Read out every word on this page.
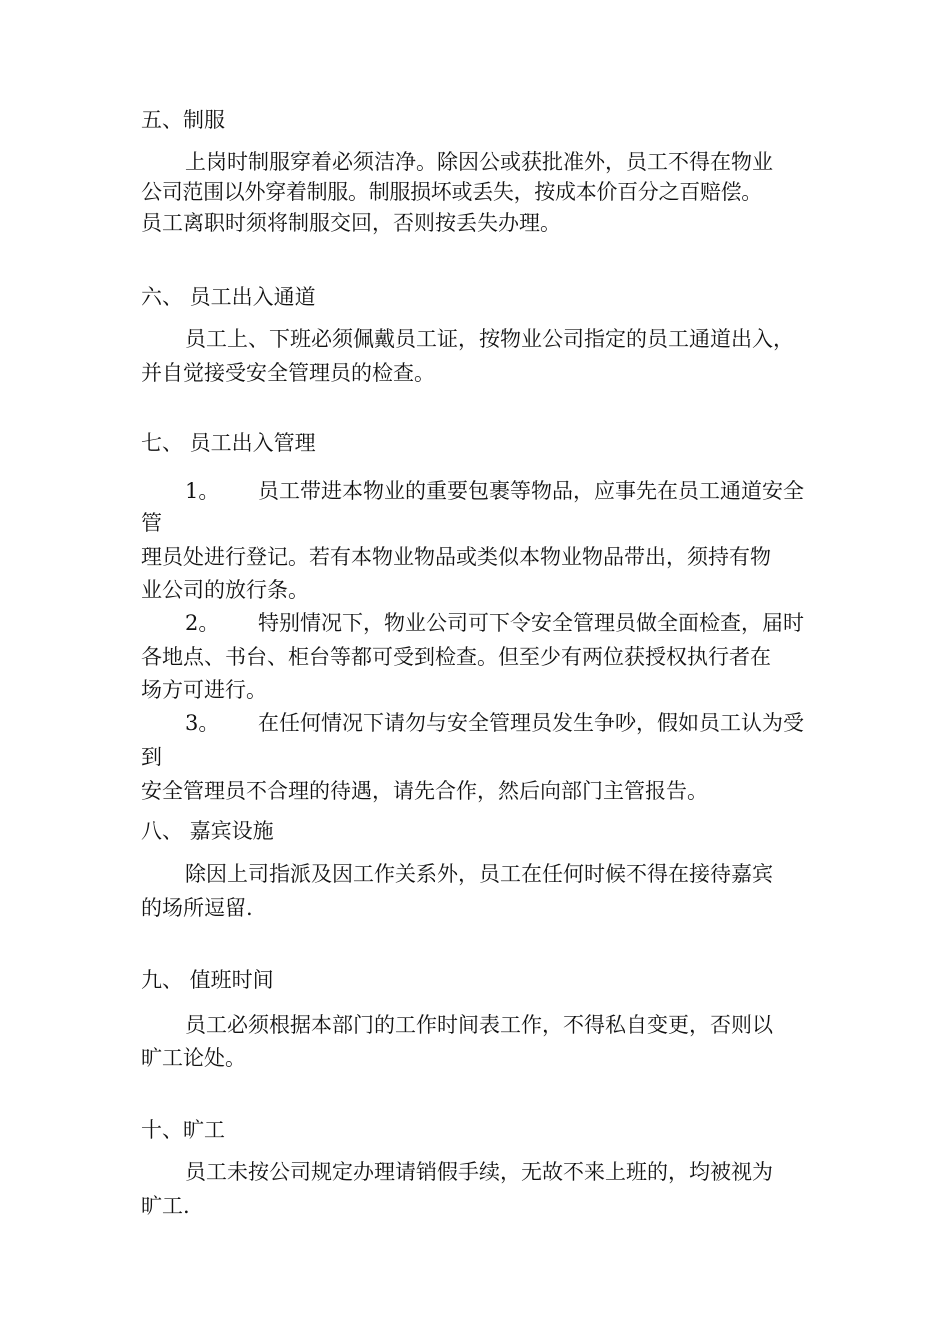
五、制服

上岗时制服穿着必须洁净。除因公或获批准外，员工不得在物业

公司范围以外穿着制服。制服损坏或丢失，按成本价百分之百赔偿。

员工离职时须将制服交回，否则按丢失办理。

六、 员工出入通道

员工上、下班必须佩戴员工证，按物业公司指定的员工通道出入，

并自觉接受安全管理员的检查。

七、 员工出入管理

1。 员工带进本物业的重要包裹等物品，应事先在员工通道安全

管

理员处进行登记。若有本物业物品或类似本物业物品带出，须持有物

业公司的放行条。

2。 特别情况下，物业公司可下令安全管理员做全面检查，届时

各地点、书台、柜台等都可受到检查。但至少有两位获授权执行者在

场方可进行。

3。 在任何情况下请勿与安全管理员发生争吵，假如员工认为受

到

安全管理员不合理的待遇，请先合作，然后向部门主管报告。

八、 嘉宾设施

除因上司指派及因工作关系外，员工在任何时候不得在接待嘉宾

的场所逗留.

九、 值班时间

员工必须根据本部门的工作时间表工作，不得私自变更，否则以

旷工论处。

十、旷工

员工未按公司规定办理请销假手续，无故不来上班的，均被视为

旷工.
